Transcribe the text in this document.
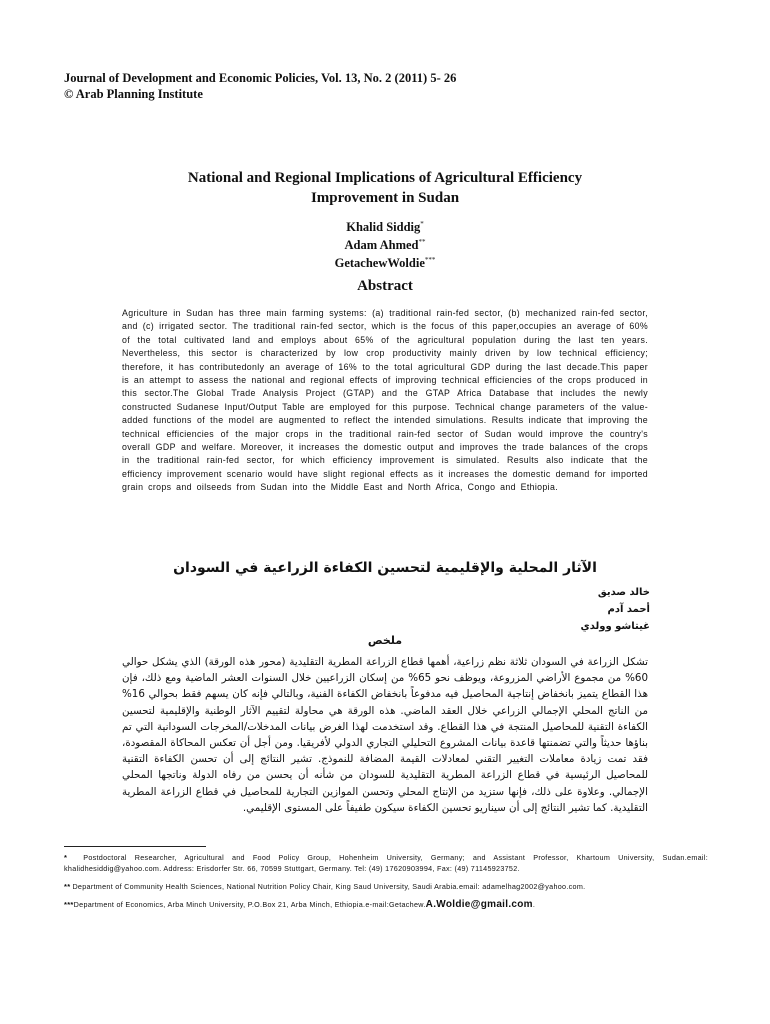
Journal of Development and Economic Policies, Vol. 13, No. 2 (2011) 5- 26
© Arab Planning Institute
National and Regional Implications of Agricultural Efficiency
Improvement in Sudan
Khalid Siddig*
Adam Ahmed**
GetachewWoldie***
Abstract

Agriculture in Sudan has three main farming systems: (a) traditional rain-fed sector, (b) mechanized rain-fed sector, and (c) irrigated sector. The traditional rain-fed sector, which is the focus of this paper,occupies an average of 60% of the total cultivated land and employs about 65% of the agricultural population during the last ten years. Nevertheless, this sector is characterized by low crop productivity mainly driven by low technical efficiency; therefore, it has contributedonly an average of 16% to the total agricultural GDP during the last decade.This paper is an attempt to assess the national and regional effects of improving technical efficiencies of the crops produced in this sector.The Global Trade Analysis Project (GTAP) and the GTAP Africa Database that includes the newly constructed Sudanese Input/Output Table are employed for this purpose. Technical change parameters of the value-added functions of the model are augmented to reflect the intended simulations. Results indicate that improving the technical efficiencies of the major crops in the traditional rain-fed sector of Sudan would improve the country's overall GDP and welfare. Moreover, it increases the domestic output and improves the trade balances of the crops in the traditional rain-fed sector, for which efficiency improvement is simulated. Results also indicate that the efficiency improvement scenario would have slight regional effects as it increases the domestic demand for imported grain crops and oilseeds from Sudan into the Middle East and North Africa, Congo and Ethiopia.

الآثار المحلية والإقليمية لتحسين الكفاءة الزراعية في السودان
خالد صديق
أحمد آدم
غيتاشو وولدي
ملخص

تشكل الزراعة في السودان ثلاثة نظم زراعية، أهمها قطاع الزراعة المطرية التقليدية (محور هذه الورقة) الذي يشكل حوالي 60% من مجموع الأراضي المزروعة، ويوظف نحو 65% من إسكان الزراعيين خلال السنوات العشر الماضية ومع ذلك، فإن هذا القطاع يتميز بانخفاض إنتاجية المحاصيل فيه مدفوعاً بانخفاض الكفاءة الفنية، وبالتالي فإنه كان يسهم فقط بحوالي 16% من الناتج المحلي الإجمالي الزراعي خلال العقد الماضي. هذه الورقة هي محاولة لتقييم الآثار الوطنية والإقليمية لتحسين الكفاءة التقنية للمحاصيل المنتجة في هذا القطاع. وقد استخدمت لهذا الغرض بيانات المدخلات/المخرجات السودانية التي تم بناؤها حديثاً والتي تضمنتها قاعدة بيانات المشروع التحليلي التجاري الدولي لأفريقيا. ومن أجل أن تعكس المحاكاة المقصودة، فقد تمت زيادة معاملات التغيير التقني لمعادلات القيمة المضافة للنموذج. تشير النتائج إلى أن تحسن الكفاءة التقنية للمحاصيل الرئيسية في قطاع الزراعة المطرية التقليدية للسودان من شأنه أن يحسن من رفاه الدولة وناتجها المحلي الإجمالي. وعلاوة على ذلك، فإنها ستزيد من الإنتاج المحلي وتحسن الموازين التجارية للمحاصيل في قطاع الزراعة المطرية التقليدية. كما تشير النتائج إلى أن سيناريو تحسين الكفاءة سيكون طفيفاً على المستوى الإقليمي.

* Postdoctoral Researcher, Agricultural and Food Policy Group, Hohenheim University, Germany; and Assistant Professor, Khartoum University, Sudan.email: khalidhesiddig@yahoo.com. Address: Erisdorfer Str. 66, 70599 Stuttgart, Germany. Tel: (49) 17620903994, Fax: (49) 71145923752.

** Department of Community Health Sciences, National Nutrition Policy Chair, King Saud University, Saudi Arabia.email: adamelhag2002@yahoo.com.

***Department of Economics, Arba Minch University, P.O.Box 21, Arba Minch, Ethiopia.e-mail:Getachew.A.Woldie@gmail.com.
